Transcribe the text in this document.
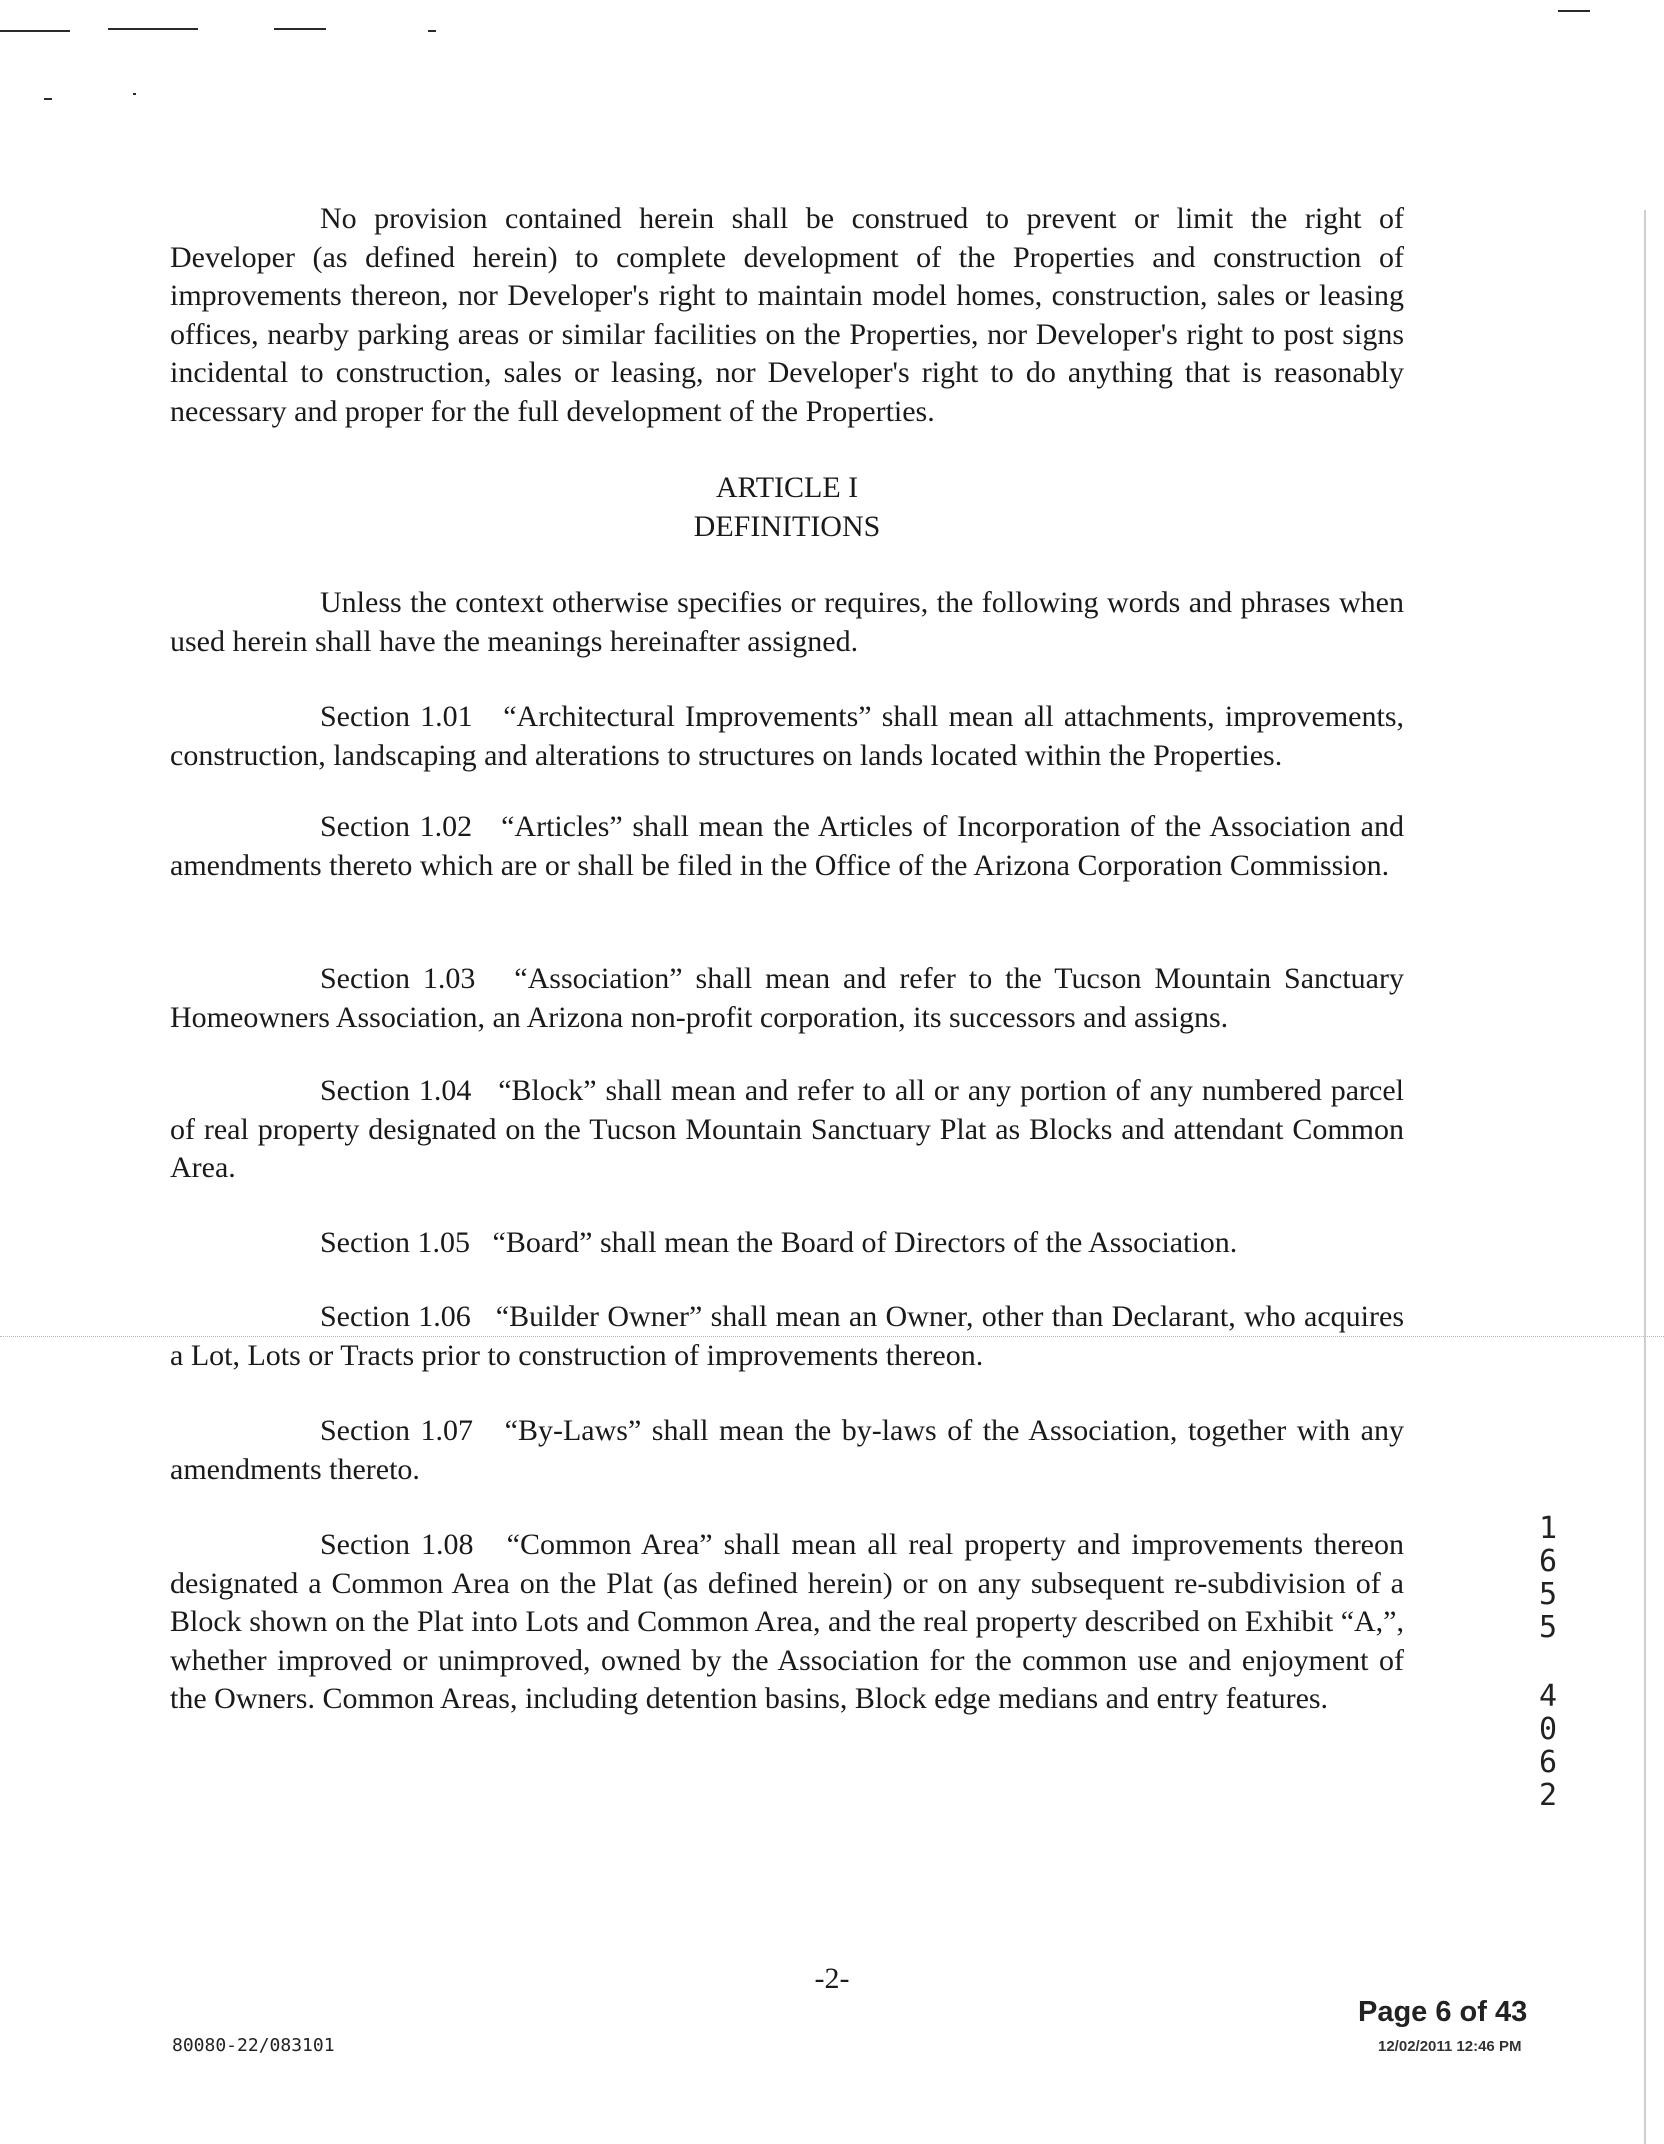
No provision contained herein shall be construed to prevent or limit the right of Developer (as defined herein) to complete development of the Properties and construction of improvements thereon, nor Developer's right to maintain model homes, construction, sales or leasing offices, nearby parking areas or similar facilities on the Properties, nor Developer's right to post signs incidental to construction, sales or leasing, nor Developer's right to do anything that is reasonably necessary and proper for the full development of the Properties.

ARTICLE I
DEFINITIONS

Unless the context otherwise specifies or requires, the following words and phrases when used herein shall have the meanings hereinafter assigned.

Section 1.01 “Architectural Improvements” shall mean all attachments, improvements, construction, landscaping and alterations to structures on lands located within the Properties.

Section 1.02 “Articles” shall mean the Articles of Incorporation of the Association and amendments thereto which are or shall be filed in the Office of the Arizona Corporation Commission.

Section 1.03 “Association” shall mean and refer to the Tucson Mountain Sanctuary Homeowners Association, an Arizona non-profit corporation, its successors and assigns.

Section 1.04 “Block” shall mean and refer to all or any portion of any numbered parcel of real property designated on the Tucson Mountain Sanctuary Plat as Blocks and attendant Common Area.

Section 1.05 “Board” shall mean the Board of Directors of the Association.

Section 1.06 “Builder Owner” shall mean an Owner, other than Declarant, who acquires a Lot, Lots or Tracts prior to construction of improvements thereon.

Section 1.07 “By-Laws” shall mean the by-laws of the Association, together with any amendments thereto.

Section 1.08 “Common Area” shall mean all real property and improvements thereon designated a Common Area on the Plat (as defined herein) or on any subsequent re-subdivision of a Block shown on the Plat into Lots and Common Area, and the real property described on Exhibit “A,”, whether improved or unimproved, owned by the Association for the common use and enjoyment of the Owners. Common Areas, including detention basins, Block edge medians and entry features.

1
6
5
5
4
0
6
2
-2-
80080-22/083101
Page 6 of 43
12/02/2011 12:46 PM
